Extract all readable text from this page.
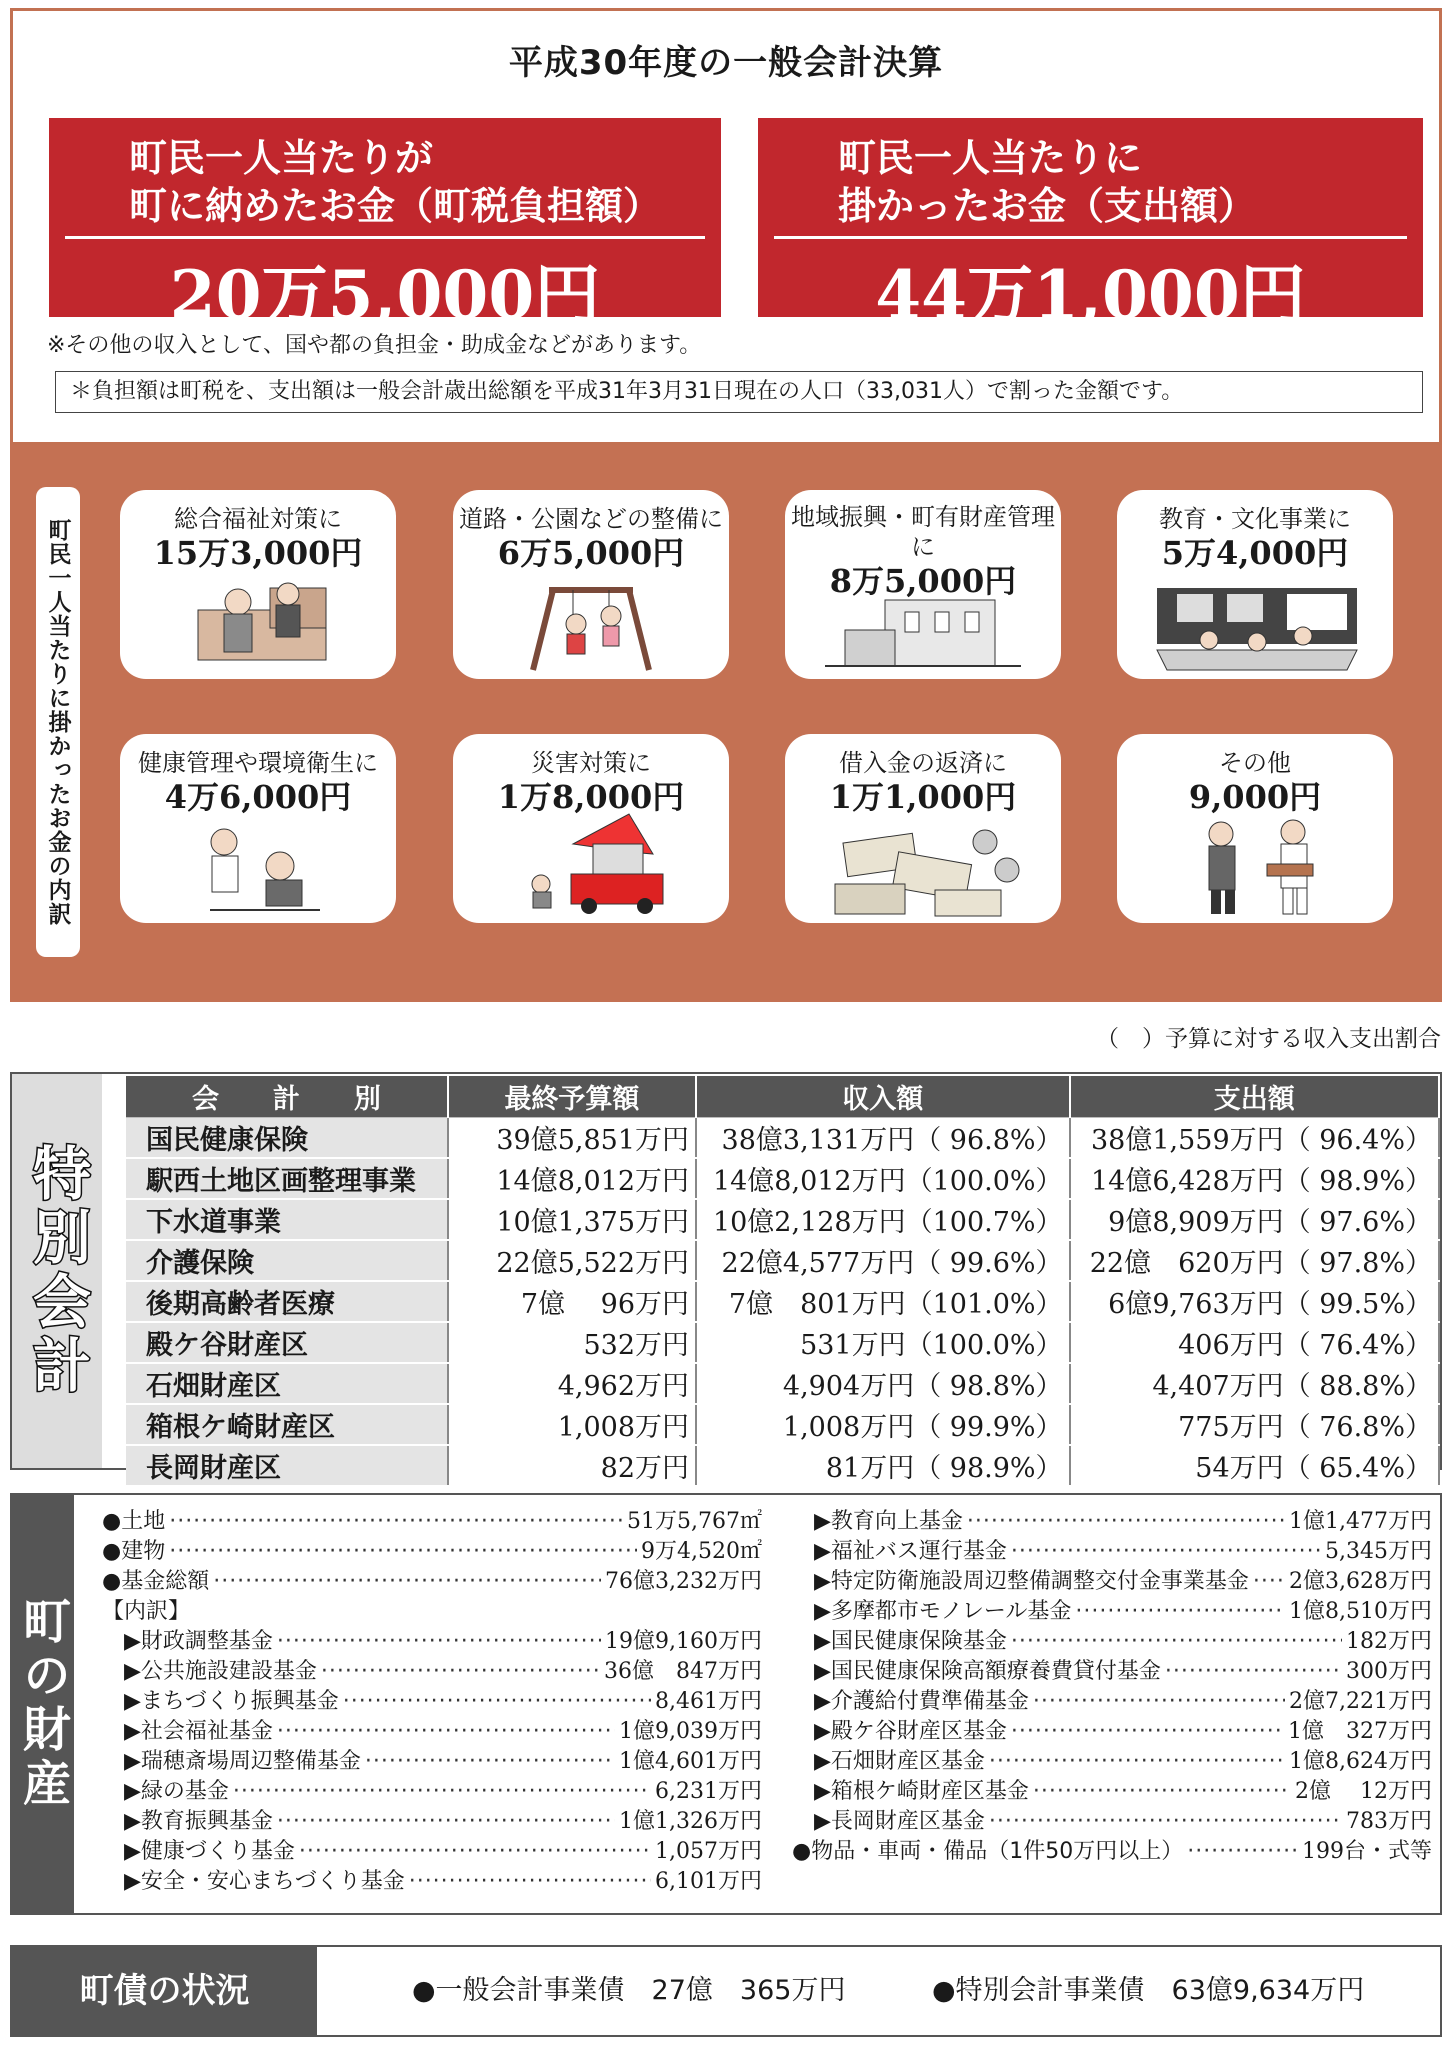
平成30年度の一般会計決算
町民一人当たりが
町に納めたお金（町税負担額）
20万5,000円
町民一人当たりに
掛かったお金（支出額）
44万1,000円
※その他の収入として、国や都の負担金・助成金などがあります。
＊負担額は町税を、支出額は一般会計歳出総額を平成31年3月31日現在の人口（33,031人）で割った金額です。
町民一人当たりに掛かったお金の内訳	総合福祉対策に
15万3,000円
道路・公園などの整備に
6万5,000円
地域振興・町有財産管理に
8万5,000円
教育・文化事業に
5万4,000円
健康管理や環境衛生に
4万6,000円
災害対策に
1万8,000円
借入金の返済に
1万1,000円
その他
9,000円
（　）予算に対する収入支出割合
特別会計
会　　計　　別	最終予算額	収入額	支出額
国民健康保険	39億5,851万円	38億3,131万円（ 96.8%）	38億1,559万円（ 96.4%）
駅西土地区画整理事業	14億8,012万円	14億8,012万円（100.0%）	14億6,428万円（ 98.9%）
下水道事業	10億1,375万円	10億2,128万円（100.7%）	9億8,909万円（ 97.6%）
介護保険	22億5,522万円	22億4,577万円（ 99.6%）	22億　620万円（ 97.8%）
後期高齢者医療	7億　 96万円	7億　801万円（101.0%）	6億9,763万円（ 99.5%）
殿ケ谷財産区	532万円	531万円（100.0%）	406万円（ 76.4%）
石畑財産区	4,962万円	4,904万円（ 98.8%）	4,407万円（ 88.8%）
箱根ケ崎財産区	1,008万円	1,008万円（ 99.9%）	775万円（ 76.8%）
長岡財産区	82万円	81万円（ 98.9%）	54万円（ 65.4%）
町の財産
●土地 ·····	51万5,767㎡
●建物 ·····	9万4,520㎡
●基金総額 ·····	76億3,232万円
【内訳】
　▶財政調整基金 ·····	19億9,160万円
　▶公共施設建設基金 ·····	36億　847万円
　▶まちづくり振興基金 ·····	8,461万円
　▶社会福祉基金 ·····	1億9,039万円
　▶瑞穂斎場周辺整備基金 ·····	1億4,601万円
　▶緑の基金 ·····	6,231万円
　▶教育振興基金 ·····	1億1,326万円
　▶健康づくり基金 ·····	1,057万円
　▶安全・安心まちづくり基金 ·····	6,101万円
　▶教育向上基金 ·····	1億1,477万円
　▶福祉バス運行基金 ·····	5,345万円
　▶特定防衛施設周辺整備調整交付金事業基金 ····· 2億3,628万円
　▶多摩都市モノレール基金 ·····	1億8,510万円
　▶国民健康保険基金 ·····	182万円
　▶国民健康保険高額療養費貸付基金 ·····	300万円
　▶介護給付費準備基金 ·····	2億7,221万円
　▶殿ケ谷財産区基金 ·····	1億　327万円
　▶石畑財産区基金 ·····	1億8,624万円
　▶箱根ケ崎財産区基金 ·····	2億　 12万円
　▶長岡財産区基金 ·····	783万円
●物品・車両・備品（1件50万円以上） ·····	199台・式等
町債の状況	●一般会計事業債　27億　365万円	●特別会計事業債　63億9,634万円
